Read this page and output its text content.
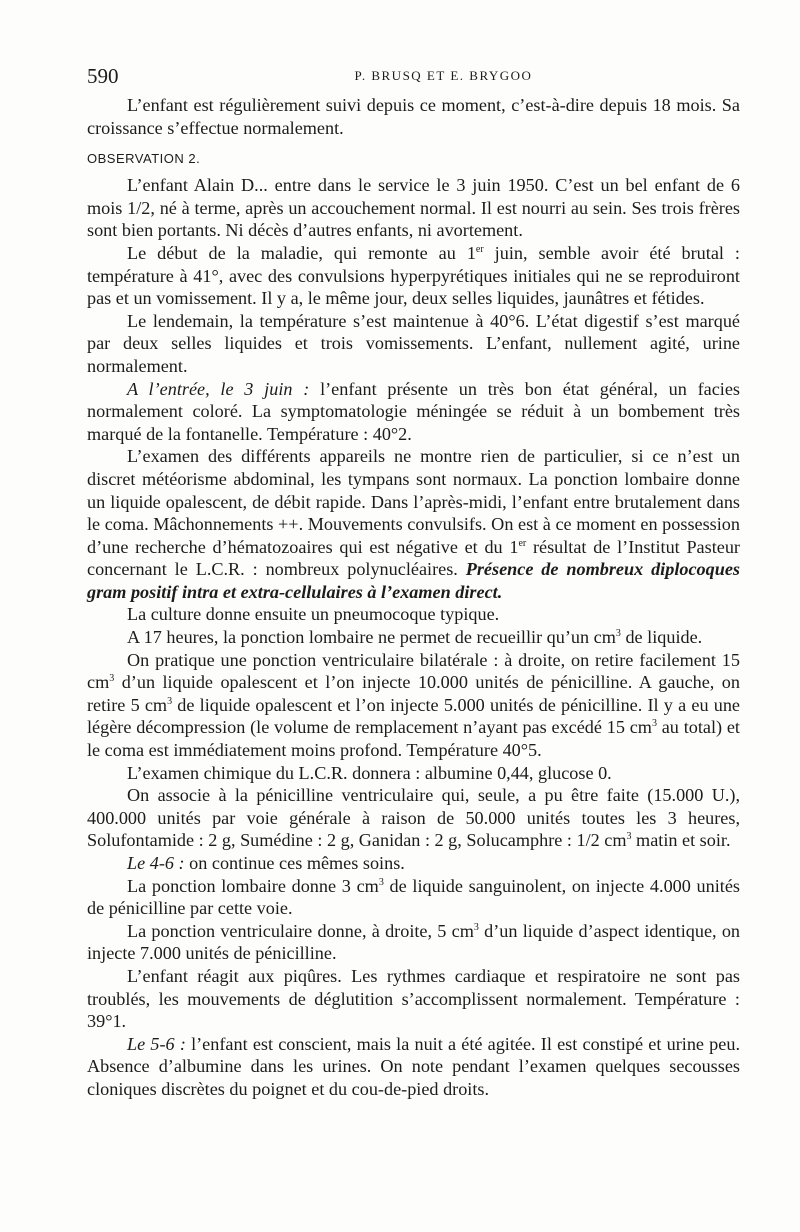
590	P. BRUSQ ET E. BRYGOO

L’enfant est régulièrement suivi depuis ce moment, c’est-à-dire depuis 18 mois. Sa croissance s’effectue normalement.

OBSERVATION 2.

L’enfant Alain D... entre dans le service le 3 juin 1950. C’est un bel enfant de 6 mois 1/2, né à terme, après un accouchement normal. Il est nourri au sein. Ses trois frères sont bien portants. Ni décès d’autres enfants, ni avortement.

Le début de la maladie, qui remonte au 1er juin, semble avoir été brutal : température à 41°, avec des convulsions hyperpyrétiques initiales qui ne se reproduiront pas et un vomissement. Il y a, le même jour, deux selles liquides, jaunâtres et fétides.

Le lendemain, la température s’est maintenue à 40°6. L’état digestif s’est marqué par deux selles liquides et trois vomissements. L’enfant, nullement agité, urine normalement.

A l’entrée, le 3 juin : l’enfant présente un très bon état général, un facies normalement coloré. La symptomatologie méningée se réduit à un bombement très marqué de la fontanelle. Température : 40°2.

L’examen des différents appareils ne montre rien de particulier, si ce n’est un discret météorisme abdominal, les tympans sont normaux. La ponction lombaire donne un liquide opalescent, de débit rapide. Dans l’après-midi, l’enfant entre brutalement dans le coma. Mâchonnements ++. Mouvements convulsifs. On est à ce moment en possession d’une recherche d’hématozoaires qui est négative et du 1er résultat de l’Institut Pasteur concernant le L.C.R. : nombreux polynucléaires. Présence de nombreux diplocoques gram positif intra et extra-cellulaires à l’examen direct.

La culture donne ensuite un pneumocoque typique.

A 17 heures, la ponction lombaire ne permet de recueillir qu’un $cm^3$ de liquide.

On pratique une ponction ventriculaire bilatérale : à droite, on retire facilement 15 $cm^3$ d’un liquide opalescent et l’on injecte 10.000 unités de pénicilline. A gauche, on retire 5 $cm^3$ de liquide opalescent et l’on injecte 5.000 unités de pénicilline. Il y a eu une légère décompression (le volume de remplacement n’ayant pas excédé 15 $cm^3$ au total) et le coma est immédiatement moins profond. Température 40°5.

L’examen chimique du L.C.R. donnera : albumine 0,44, glucose 0.

On associe à la pénicilline ventriculaire qui, seule, a pu être faite (15.000 U.), 400.000 unités par voie générale à raison de 50.000 unités toutes les 3 heures, Solufontamide : 2 g, Sumédine : 2 g, Ganidan : 2 g, Solucamphre : 1/2 $cm^3$ matin et soir.

Le 4-6 : on continue ces mêmes soins.

La ponction lombaire donne 3 $cm^3$ de liquide sanguinolent, on injecte 4.000 unités de pénicilline par cette voie.

La ponction ventriculaire donne, à droite, 5 $cm^3$ d’un liquide d’aspect identique, on injecte 7.000 unités de pénicilline.

L’enfant réagit aux piqûres. Les rythmes cardiaque et respiratoire ne sont pas troublés, les mouvements de déglutition s’accomplissent normalement. Température : 39°1.

Le 5-6 : l’enfant est conscient, mais la nuit a été agitée. Il est constipé et urine peu. Absence d’albumine dans les urines. On note pendant l’examen quelques secousses cloniques discrètes du poignet et du cou-de-pied droits.
